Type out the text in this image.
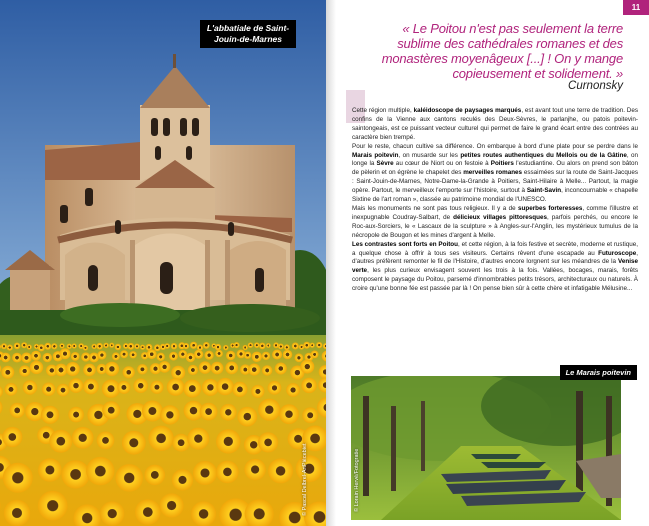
L'abbatiale de Saint-Jouin-de-Marnes
© Pascal Delbrel-ArtPiècebiet
11
« Le Poitou n'est pas seulement la terre sublime des cathédrales romanes et des monastères moyenâgeux [...] ! On y mange copieusement et solidement. »
Curnonsky

Cette région multiple, kaléidoscope de paysages marqués, est avant tout une terre de tradition. Des confins de la Vienne aux cantons reculés des Deux-Sèvres, le parlanjhe, ou patois poitevin-saintongeais, est ce puissant vecteur culturel qui permet de faire le grand écart entre des contrées au caractère bien trempé.

Pour le reste, chacun cultive sa différence. On embarque à bord d'une plate pour se perdre dans le Marais poitevin, on musarde sur les petites routes authentiques du Mellois ou de la Gâtine, on longe la Sèvre au cœur de Niort ou on festoie à Poitiers l'estudiantine. Ou alors on prend son bâton de pèlerin et on égrène le chapelet des merveilles romanes essaimées sur la route de Saint-Jacques : Saint-Jouin-de-Marnes, Notre-Dame-la-Grande à Poitiers, Saint-Hilaire à Melle... Partout, la magie opère. Partout, le merveilleux l'emporte sur l'histoire, surtout à Saint-Savin, inconcournable « chapelle Sixtine de l'art roman », classée au patrimoine mondial de l'UNESCO.

Mais les monuments ne sont pas tous religieux. Il y a de superbes forteresses, comme l'illustre et inexpugnable Coudray-Salbart, de délicieux villages pittoresques, parfois perchés, ou encore le Roc-aux-Sorciers, le « Lascaux de la sculpture » à Angles-sur-l'Anglin, les mystérieux tumulus de la nécropole de Bougon et les mines d'argent à Melle.

Les contrastes sont forts en Poitou, et cette région, à la fois festive et secrète, moderne et rustique, a quelque chose à offrir à tous ses visiteurs. Certains rêvent d'une escapade au Futuroscope, d'autres préfèrent remonter le fil de l'Histoire, d'autres encore lorgnent sur les méandres de la Venise verte, les plus curieux envisagent souvent les trois à la fois. Vallées, bocages, marais, forêts composent le paysage du Poitou, parsemé d'innombrables petits trésors, architecturaux ou naturels. À croire qu'une bonne fée est passée par là ! On pense bien sûr à cette chère et infatigable Mélusine...

Le Marais poitevin
© Lorain Hervé/Fotogratie
